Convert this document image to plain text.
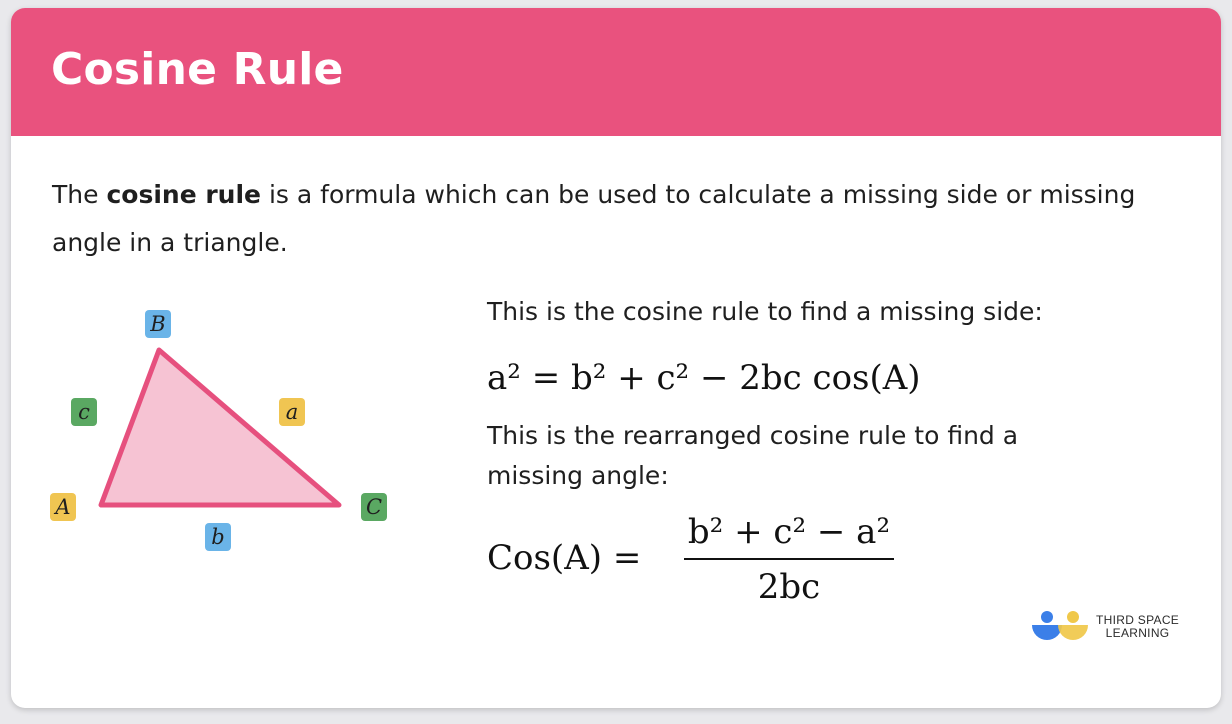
Cosine Rule

The cosine rule is a formula which can be used to calculate a missing side or missing angle in a triangle.

B
c	a
A	C
b

This is the cosine rule to find a missing side:

a² = b² + c² − 2bc cos(A)

This is the rearranged cosine rule to find a missing angle:

Cos(A) =
b² + c² − a²
2bc
THIRD SPACE
LEARNING
